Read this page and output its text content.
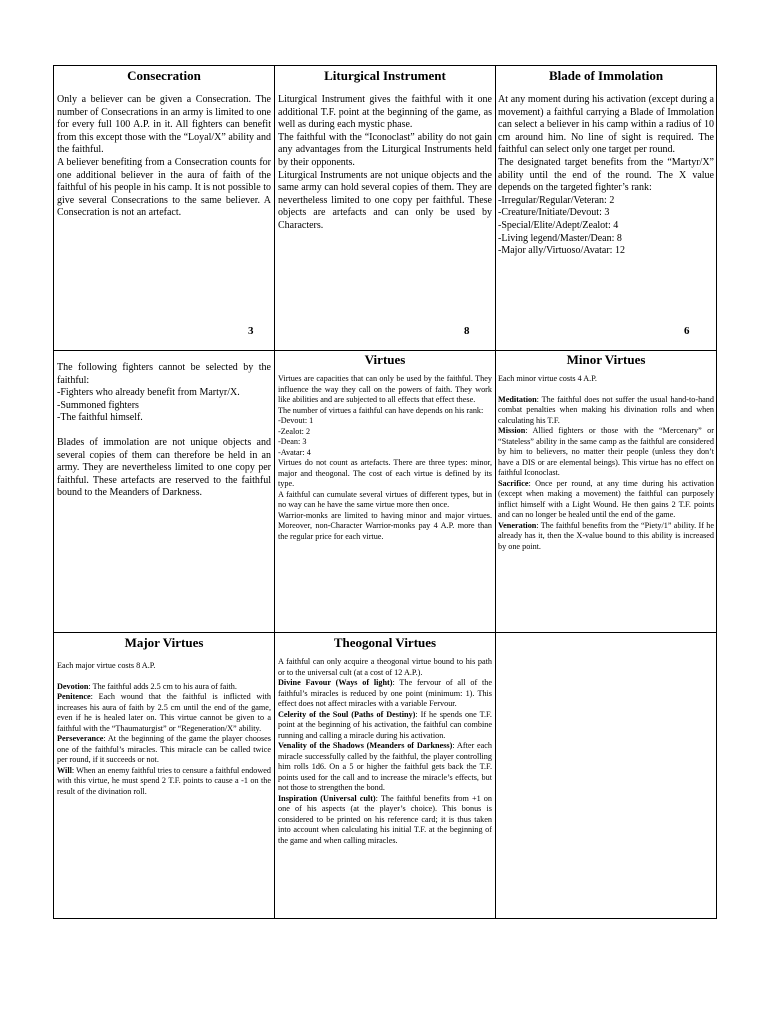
Consecration

Only a believer can be given a Consecration. The number of Consecrations in an army is limited to one for every full 100 A.P. in it. All fighters can benefit from this except those with the “Loyal/X” ability and the faithful.

A believer benefiting from a Consecration counts for one additional believer in the aura of faith of the faithful of his people in his camp. It is not possible to give several Consecrations to the same believer. A Consecration is not an artefact.

3
Liturgical Instrument

Liturgical Instrument gives the faithful with it one additional T.F. point at the beginning of the game, as well as during each mystic phase.

The faithful with the “Iconoclast” ability do not gain any advantages from the Liturgical Instruments held by their opponents.

Liturgical Instruments are not unique objects and the same army can hold several copies of them. They are nevertheless limited to one copy per faithful. These objects are artefacts and can only be used by Characters.

8
Blade of Immolation

At any moment during his activation (except during a movement) a faithful carrying a Blade of Immolation can select a believer in his camp within a radius of 10 cm around him. No line of sight is required. The faithful can select only one target per round.

The designated target benefits from the “Martyr/X” ability until the end of the round. The X value depends on the targeted fighter’s rank:

-Irregular/Regular/Veteran: 2

-Creature/Initiate/Devout: 3

-Special/Elite/Adept/Zealot: 4

-Living legend/Master/Dean: 8

-Major ally/Virtuoso/Avatar: 12

6

The following fighters cannot be selected by the faithful:

-Fighters who already benefit from Martyr/X.

-Summoned fighters

-The faithful himself.

Blades of immolation are not unique objects and several copies of them can therefore be held in an army. They are nevertheless limited to one copy per faithful. These artefacts are reserved to the faithful bound to the Meanders of Darkness.

Virtues

Virtues are capacities that can only be used by the faithful. They influence the way they call on the powers of faith. They work like abilities and are subjected to all effects that effect these.

The number of virtues a faithful can have depends on his rank:

-Devout: 1

-Zealot: 2

-Dean: 3

-Avatar: 4

Virtues do not count as artefacts. There are three types: minor, major and theogonal. The cost of each virtue is defined by its type.

A faithful can cumulate several virtues of different types, but in no way can he have the same virtue more then once.

Warrior-monks are limited to having minor and major virtues. Moreover, non-Character Warrior-monks pay 4 A.P. more than the regular price for each virtue.

Minor Virtues

Each minor virtue costs 4 A.P.

Meditation: The faithful does not suffer the usual hand-to-hand combat penalties when making his divination rolls and when calculating his T.F.

Mission: Allied fighters or those with the “Mercenary” or “Stateless” ability in the same camp as the faithful are considered by him to believers, no matter their people (unless they don’t have a DIS or are elemental beings). This virtue has no effect on faithful Iconoclast.

Sacrifice: Once per round, at any time during his activation (except when making a movement) the faithful can purposely inflict himself with a Light Wound. He then gains 2 T.F. points and can no longer be healed until the end of the game.

Veneration: The faithful benefits from the “Piety/1” ability. If he already has it, then the X-value bound to this ability is increased by one point.

Major Virtues

Each major virtue costs 8 A.P.

Devotion: The faithful adds 2.5 cm to his aura of faith.

Penitence: Each wound that the faithful is inflicted with increases his aura of faith by 2.5 cm until the end of the game, even if he is healed later on. This virtue cannot be given to a faithful with the “Thaumaturgist” or “Regeneration/X” ability.

Perseverance: At the beginning of the game the player chooses one of the faithful’s miracles. This miracle can be called twice per round, if it succeeds or not.

Will: When an enemy faithful tries to censure a faithful endowed with this virtue, he must spend 2 T.F. points to cause a -1 on the result of the divination roll.

Theogonal Virtues

A faithful can only acquire a theogonal virtue bound to his path or to the universal cult (at a cost of 12 A.P.).

Divine Favour (Ways of light): The fervour of all of the faithful’s miracles is reduced by one point (minimum: 1). This effect does not affect miracles with a variable Fervour.

Celerity of the Soul (Paths of Destiny): If he spends one T.F. point at the beginning of his activation, the faithful can combine running and calling a miracle during his activation.

Venality of the Shadows (Meanders of Darkness): After each miracle successfully called by the faithful, the player controlling him rolls 1d6. On a 5 or higher the faithful gets back the T.F. points used for the call and to increase the miracle’s effects, but not those to strengthen the bond.

Inspiration (Universal cult): The faithful benefits from +1 on one of his aspects (at the player’s choice). This bonus is considered to be printed on his reference card; it is thus taken into account when calculating his initial T.F. at the beginning of the game and when calling miracles.
